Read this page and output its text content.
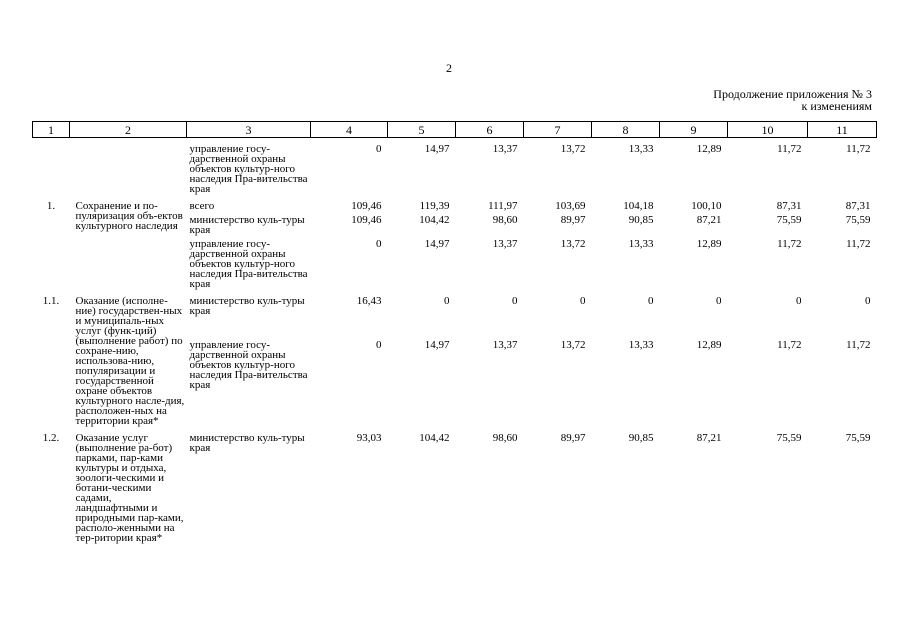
2
Продолжение приложения № 3
к изменениям
1	2	3	4	5	6	7	8	9	10	11
		управление госу-дарственной охраны объектов культур-ного наследия Пра-вительства края	0	14,97	13,37	13,72	13,33	12,89	11,72	11,72
1.	Сохранение и по-пуляризация объ-ектов культурного наследия	всего	109,46	119,39	111,97	103,69	104,18	100,10	87,31	87,31
		министерство куль-туры края	109,46	104,42	98,60	89,97	90,85	87,21	75,59	75,59
		управление госу-дарственной охраны объектов культур-ного наследия Пра-вительства края	0	14,97	13,37	13,72	13,33	12,89	11,72	11,72
1.1.	Оказание (исполне-ние) государствен-ных и муниципаль-ных услуг (функ-ций) (выполнение работ) по сохране-нию, использова-нию, популяризации и государственной охране объектов культурного насле-дия, расположен-ных на территории края*	министерство куль-туры края	16,43	0	0	0	0	0	0	0
		управление госу-дарственной охраны объектов культур-ного наследия Пра-вительства края	0	14,97	13,37	13,72	13,33	12,89	11,72	11,72
1.2.	Оказание услуг (выполнение ра-бот) парками, пар-ками культуры и отдыха, зоологи-ческими и ботани-ческими садами, ландшафтными и природными пар-ками, располо-женными на тер-ритории края*	министерство куль-туры края	93,03	104,42	98,60	89,97	90,85	87,21	75,59	75,59
